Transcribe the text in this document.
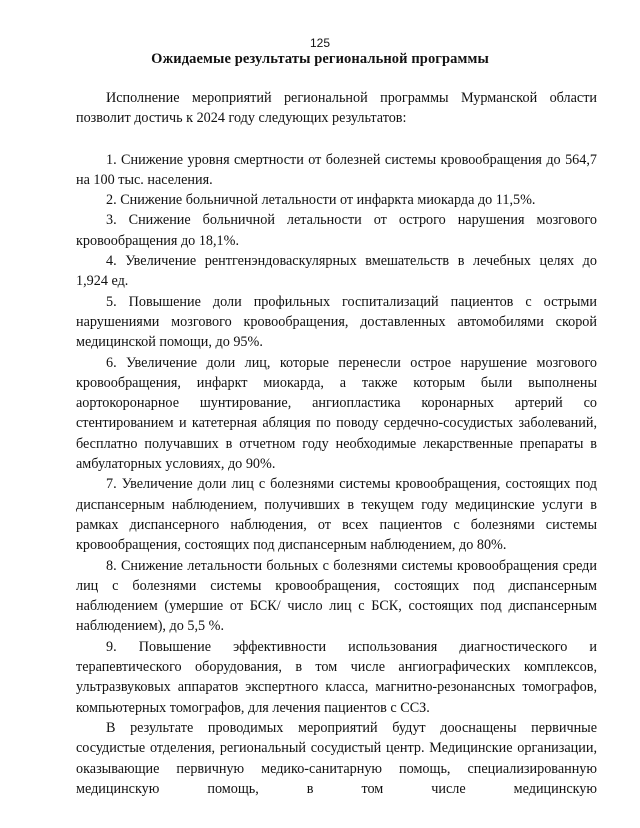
125
Ожидаемые результаты региональной программы

Исполнение мероприятий региональной программы Мурманской области позволит достичь к 2024 году следующих результатов:

1. Снижение уровня смертности от болезней системы кровообращения до 564,7 на 100 тыс. населения.

2. Снижение больничной летальности от инфаркта миокарда до 11,5%.

3. Снижение больничной летальности от острого нарушения мозгового кровообращения до 18,1%.

4. Увеличение рентгенэндоваскулярных вмешательств в лечебных целях до 1,924 ед.

5. Повышение доли профильных госпитализаций пациентов с острыми нарушениями мозгового кровообращения, доставленных автомобилями скорой медицинской помощи, до 95%.

6. Увеличение доли лиц, которые перенесли острое нарушение мозгового кровообращения, инфаркт миокарда, а также которым были выполнены аортокоронарное шунтирование, ангиопластика коронарных артерий со стентированием и катетерная абляция по поводу сердечно-сосудистых заболеваний, бесплатно получавших в отчетном году необходимые лекарственные препараты в амбулаторных условиях, до 90%.

7. Увеличение доли лиц с болезнями системы кровообращения, состоящих под диспансерным наблюдением, получивших в текущем году медицинские услуги в рамках диспансерного наблюдения, от всех пациентов с болезнями системы кровообращения, состоящих под диспансерным наблюдением, до 80%.

8. Снижение летальности больных с болезнями системы кровообращения среди лиц с болезнями системы кровообращения, состоящих под диспансерным наблюдением (умершие от БСК/ число лиц с БСК, состоящих под диспансерным наблюдением), до 5,5 %.

9. Повышение эффективности использования диагностического и терапевтического оборудования, в том числе ангиографических комплексов, ультразвуковых аппаратов экспертного класса, магнитно-резонансных томографов, компьютерных томографов, для лечения пациентов с ССЗ.

В результате проводимых мероприятий будут дооснащены первичные сосудистые отделения, региональный сосудистый центр. Медицинские организации, оказывающие первичную медико-санитарную помощь, специализированную медицинскую помощь, в том числе медицинскую
